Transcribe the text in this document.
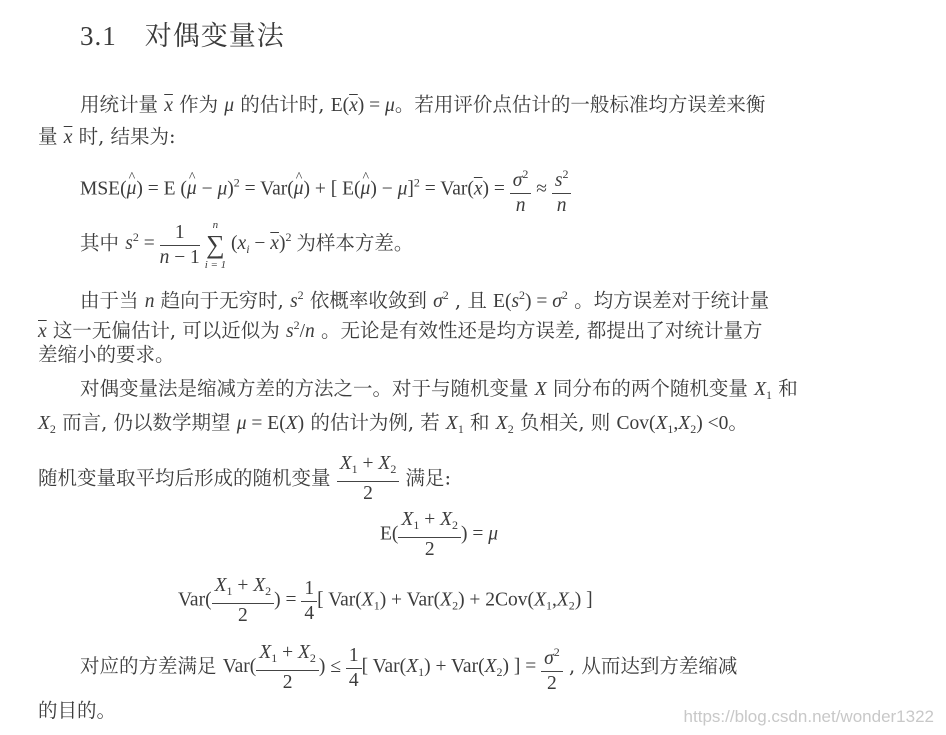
3.1 对偶变量法
用统计量 $\overline{x}$ 作为 μ 的估计时, $E(\overline{x}) = \mu$。若用评价点估计的一般标准均方误差来衡
量 $\overline{x}$ 时, 结果为:
MSE(^ μ) = E (^ μ − μ)$^2$ = Var(^ μ) + [ E(^ $\mu) - \mu]^2 = Var(\overline{x}) = \frac{\sigma^2}{n} \approx \frac{s^2}{n}$
其中 $s^2 = \frac{1}{n - 1}$
	n
∑
i = 1
$(x_i - \overline{x})^2$ 为样本方差。
由于当 n 趋向于无穷时, $s^2$ 依概率收敛到 $\sigma^2$ , 且 $E(s^2) = \sigma^2$ 。均方误差对于统计量
$\overline{x}$ 这一无偏估计, 可以近似为 $s^2/n$ 。无论是有效性还是均方误差, 都提出了对统计量方
差缩小的要求。
对偶变量法是缩减方差的方法之一。对于与随机变量 X 同分布的两个随机变量 $X_1$ 和
$X_2$ 而言, 仍以数学期望 μ = E(X) 的估计为例, 若 $X_1$ 和 $X_2$ 负相关, 则 $Cov(X_1,X_2) <0$。
随机变量取平均后形成的随机变量 $\frac{X_1 + X_2}{2}$ 满足:
$E( \frac{X_1 + X_2}{2}$ ) = μ
$Var( \frac{X_1 + X_2}{2}$ ) = $\frac{1}{4}$ [ $Var(X_1) + Var(X_2) + 2Cov(X_1,X_2)$ ]
对应的方差满足 $Var( \frac{X_1 + X_2}{2}$ ) ≤ $\frac{1}{4}$ [ $Var(X_1) + Var(X_2)$ ] = $\frac{\sigma^2}{2}$ , 从而达到方差缩减
的目的。	https://blog.csdn.net/wonder1322
